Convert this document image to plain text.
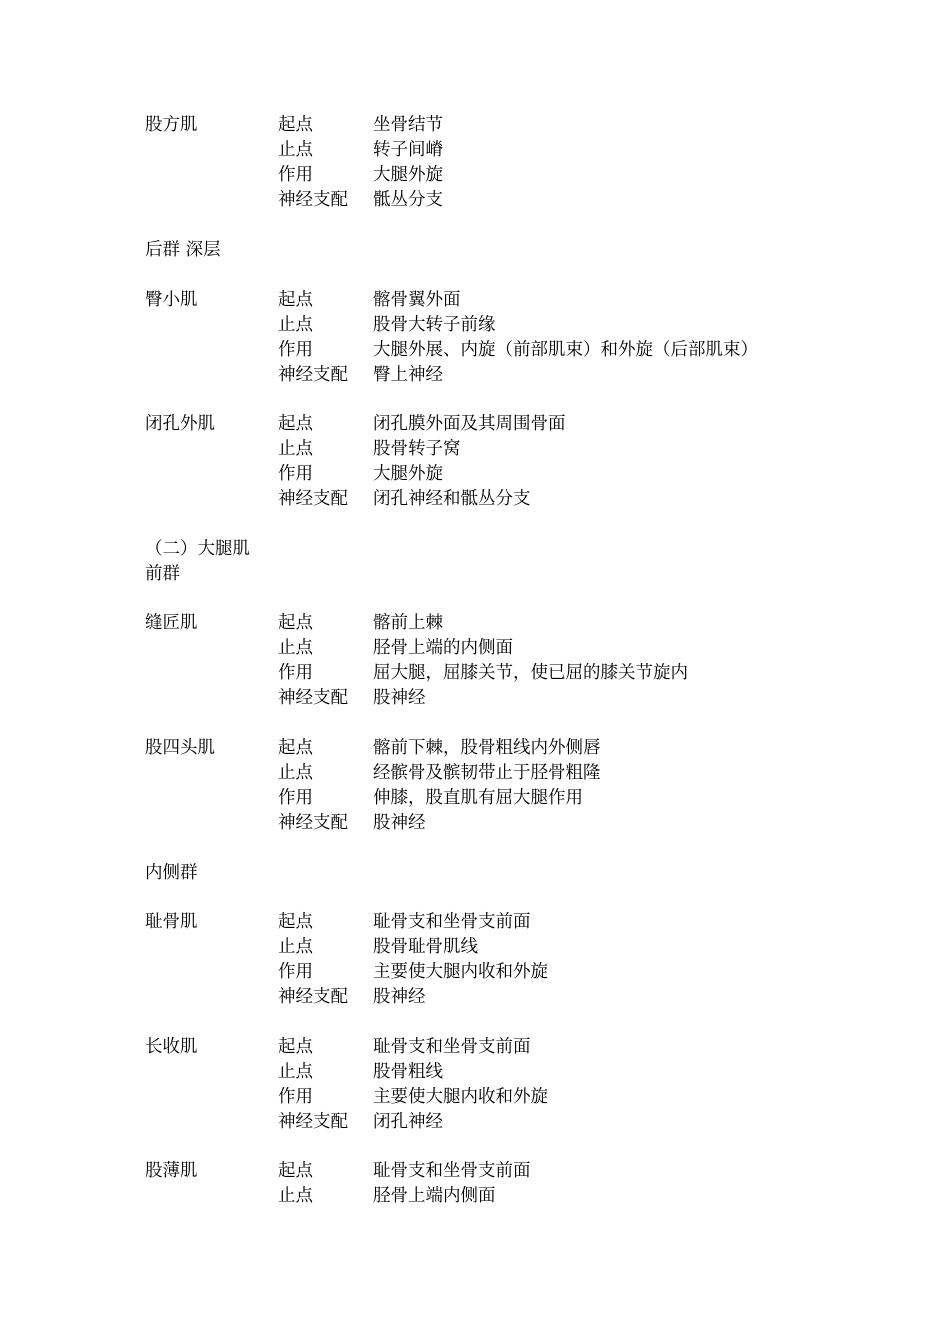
股方肌	起点	坐骨结节
止点	转子间嵴
作用	大腿外旋
神经支配 骶丛分支
后群 深层
臀小肌	起点	髂骨翼外面
止点	股骨大转子前缘
作用	大腿外展、内旋（前部肌束）和外旋（后部肌束）
神经支配 臀上神经
闭孔外肌	起点	闭孔膜外面及其周围骨面
止点	股骨转子窝
作用	大腿外旋
神经支配 闭孔神经和骶丛分支
（二）大腿肌
前群
缝匠肌	起点	髂前上棘
止点	胫骨上端的内侧面
作用	屈大腿，屈膝关节，使已屈的膝关节旋内
神经支配 股神经
股四头肌	起点	髂前下棘，股骨粗线内外侧唇
止点	经髌骨及髌韧带止于胫骨粗隆
作用	伸膝，股直肌有屈大腿作用
神经支配 股神经
内侧群
耻骨肌	起点	耻骨支和坐骨支前面
止点	股骨耻骨肌线
作用	主要使大腿内收和外旋
神经支配 股神经
长收肌	起点	耻骨支和坐骨支前面
止点	股骨粗线
作用	主要使大腿内收和外旋
神经支配 闭孔神经
股薄肌	起点	耻骨支和坐骨支前面
止点	胫骨上端内侧面
